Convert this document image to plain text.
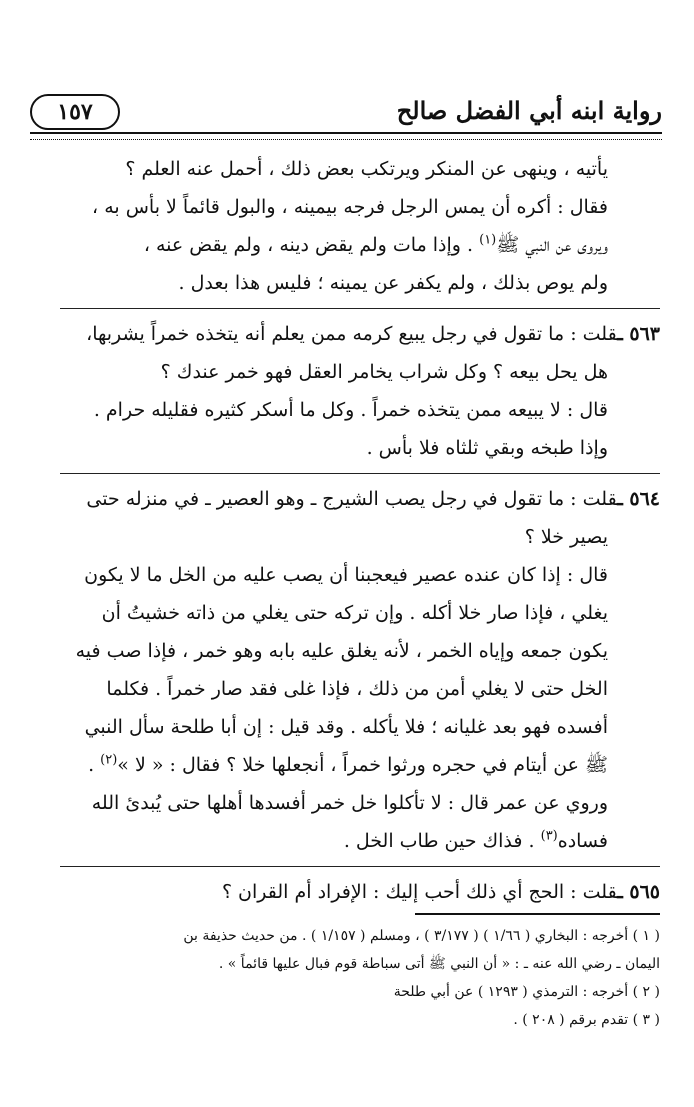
١٥٧	رواية ابنه أبي الفضل صالح

يأتيه ، وينهى عن المنكر ويرتكب بعض ذلك ، أحمل عنه العلم ؟

فقال : أكره أن يمس الرجل فرجه بيمينه ، والبول قائماً لا بأس به ،

ويروى عن النبي ﷺ$^{(١)}$ . وإذا مات ولم يقض دينه ، ولم يقض عنه ،

ولم يوص بذلك ، ولم يكفر عن يمينه ؛ فليس هذا بعدل .

٥٦٣ ـقلت : ما تقول في رجل يبيع كرمه ممن يعلم أنه يتخذه خمراً يشربها،

هل يحل بيعه ؟ وكل شراب يخامر العقل فهو خمر عندك ؟

قال : لا يبيعه ممن يتخذه خمراً . وكل ما أسكر كثيره فقليله حرام .

وإذا طبخه وبقي ثلثاه فلا بأس .

٥٦٤ ـقلت : ما تقول في رجل يصب الشيرج ـ وهو العصير ـ في منزله حتى

يصير خلا ؟

قال : إذا كان عنده عصير فيعجبنا أن يصب عليه من الخل ما لا يكون

يغلي ، فإذا صار خلا أكله . وإن تركه حتى يغلي من ذاته خشيتُ أن

يكون جمعه وإياه الخمر ، لأنه يغلق عليه بابه وهو خمر ، فإذا صب فيه

الخل حتى لا يغلي أمن من ذلك ، فإذا غلى فقد صار خمراً . فكلما

أفسده فهو بعد غليانه ؛ فلا يأكله . وقد قيل : إن أبا طلحة سأل النبي

ﷺ عن أيتام في حجره ورثوا خمراً ، أنجعلها خلا ؟ فقال : « لا »$^{(٢)}$ .

وروي عن عمر قال : لا تأكلوا خل خمر أفسدها أهلها حتى يُبدئ الله

فساده$^{(٣)}$ . فذاك حين طاب الخل .

٥٦٥ ـقلت : الحج أي ذلك أحب إليك : الإفراد أم القران ؟

( ١ ) أخرجه : البخاري ( ١/٦٦ ) ( ٣/١٧٧ ) ، ومسلم ( ١/١٥٧ ) . من حديث حذيفة بن

اليمان ـ رضي الله عنه ـ : « أن النبي ﷺ أتى سباطة قوم فبال عليها قائماً » .

( ٢ ) أخرجه : الترمذي ( ١٢٩٣ ) عن أبي طلحة

( ٣ ) تقدم برقم ( ٢٠٨ ) .
